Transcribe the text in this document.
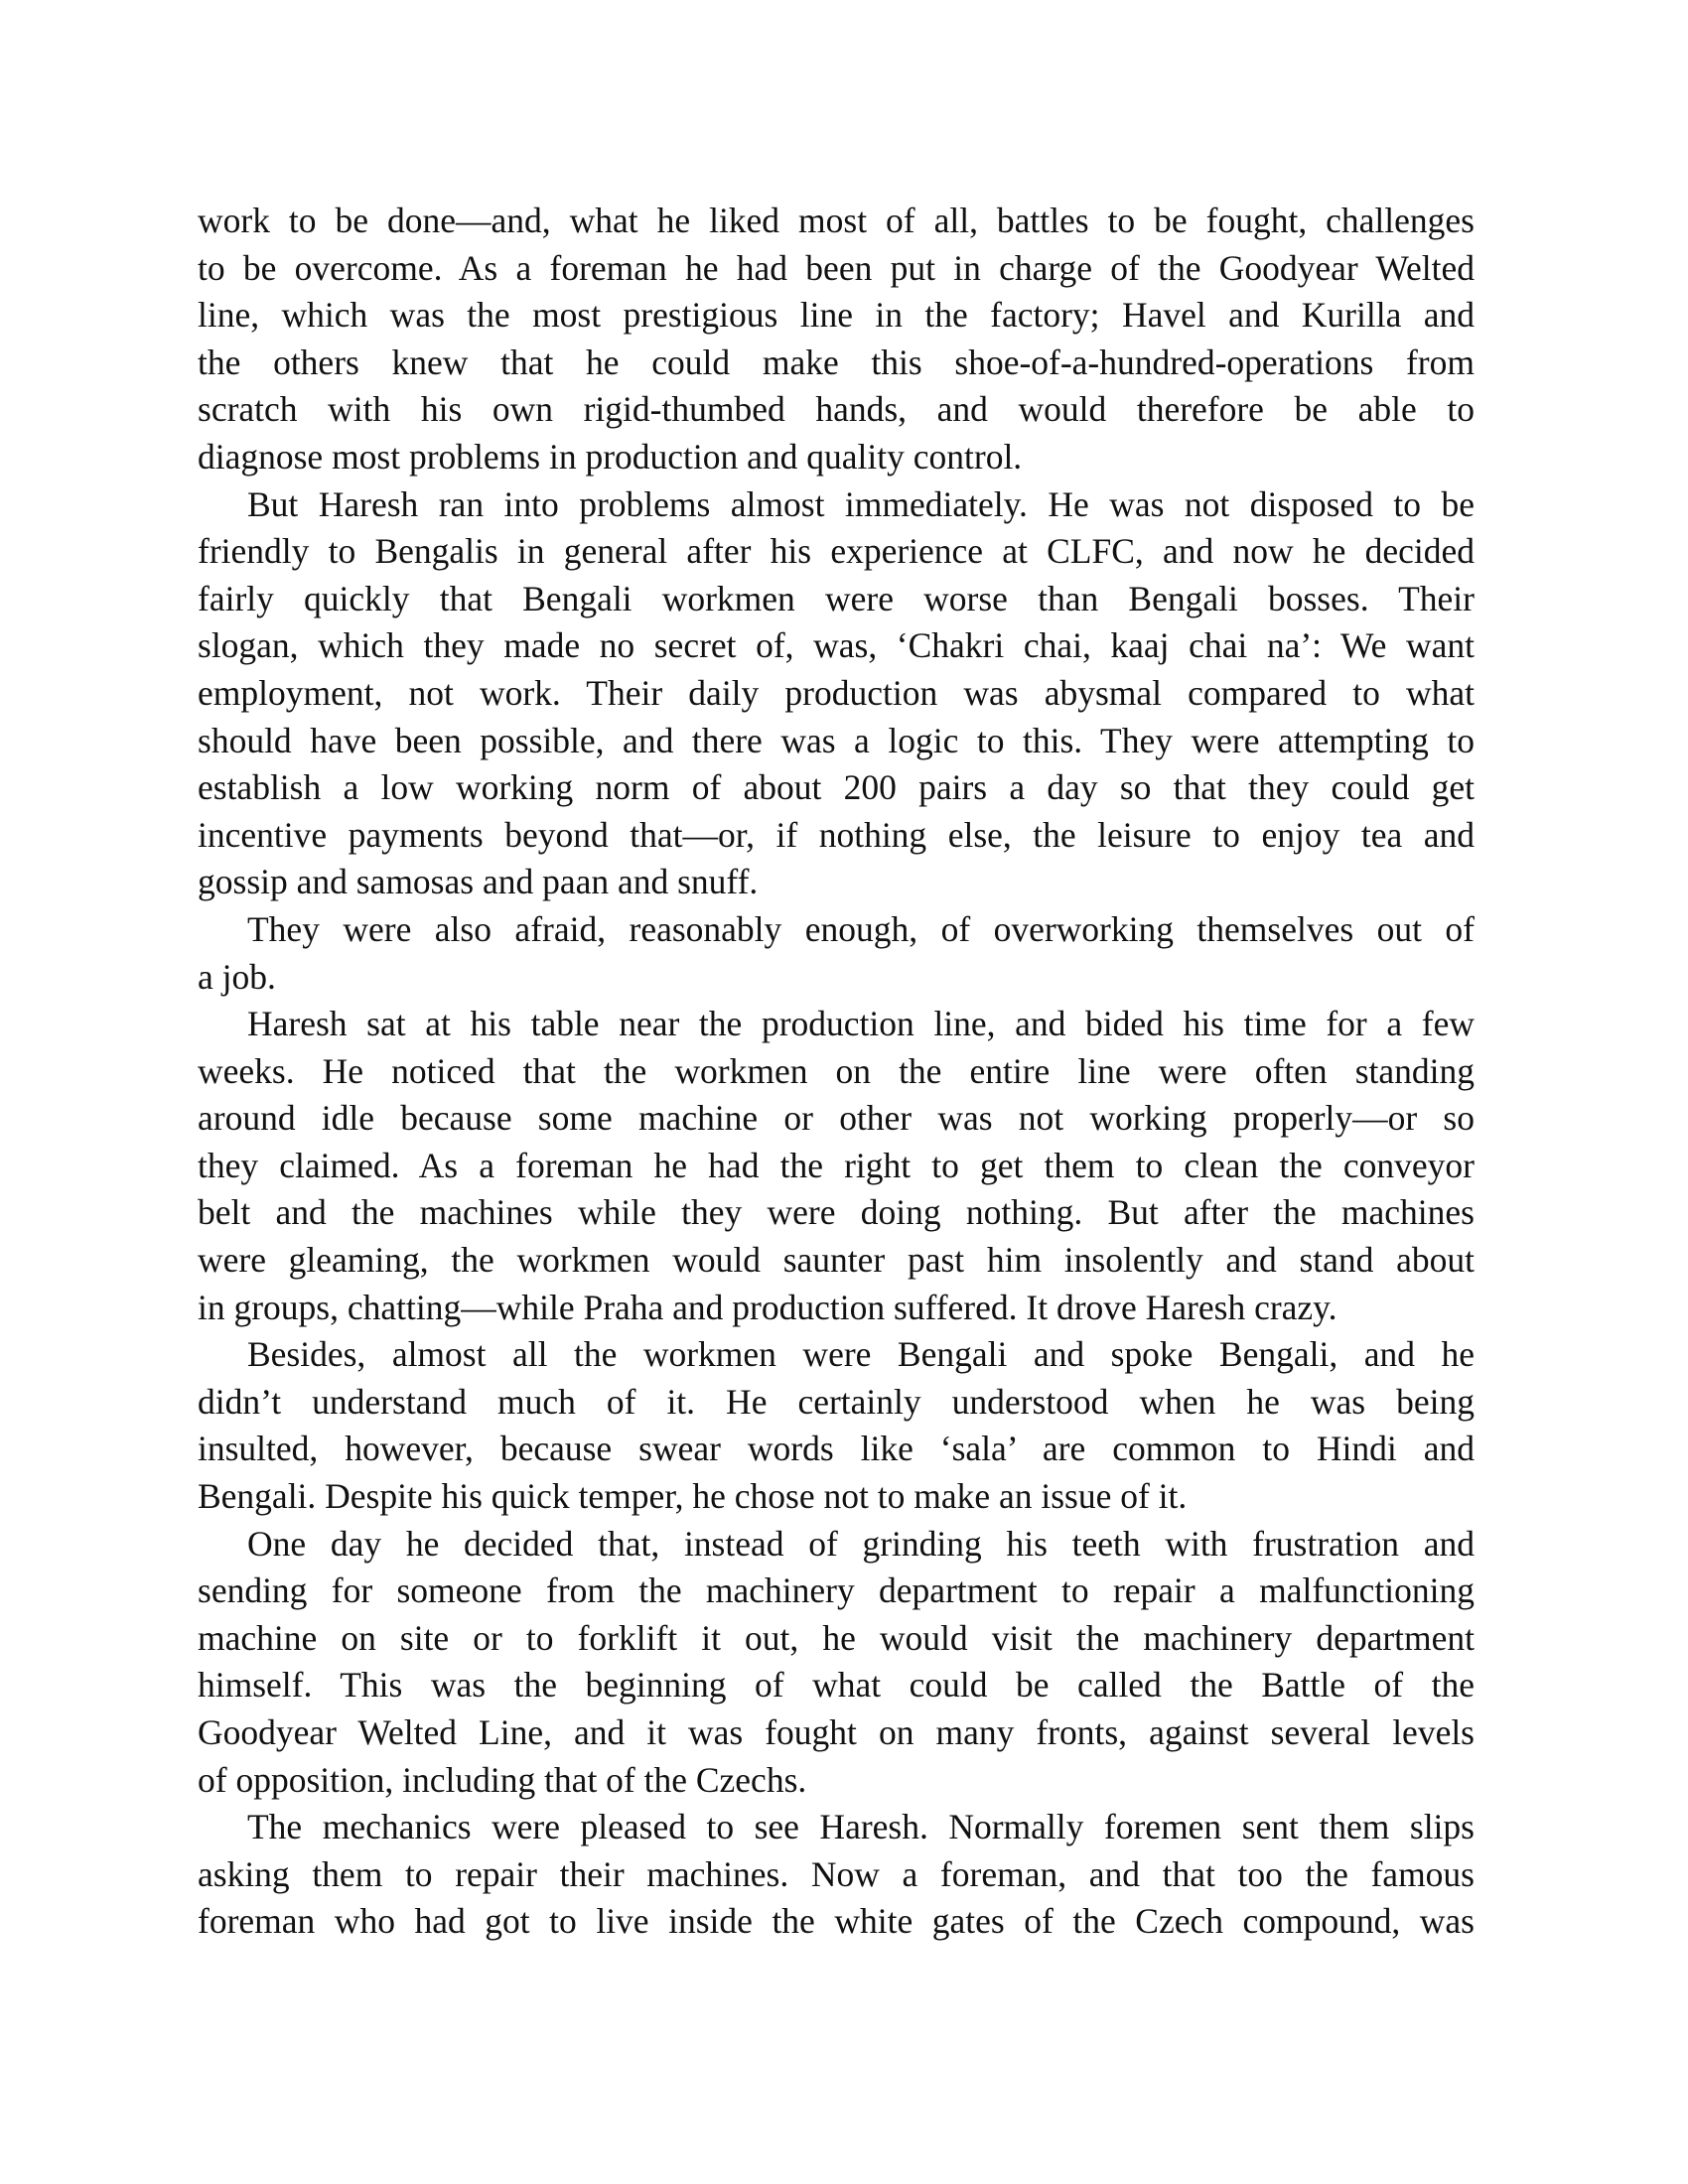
work to be done—and, what he liked most of all, battles to be fought, challenges
to be overcome. As a foreman he had been put in charge of the Goodyear Welted
line, which was the most prestigious line in the factory; Havel and Kurilla and
the others knew that he could make this shoe-of-a-hundred-operations from
scratch with his own rigid-thumbed hands, and would therefore be able to
diagnose most problems in production and quality control.
But Haresh ran into problems almost immediately. He was not disposed to be
friendly to Bengalis in general after his experience at CLFC, and now he decided
fairly quickly that Bengali workmen were worse than Bengali bosses. Their
slogan, which they made no secret of, was, ‘Chakri chai, kaaj chai na’: We want
employment, not work. Their daily production was abysmal compared to what
should have been possible, and there was a logic to this. They were attempting to
establish a low working norm of about 200 pairs a day so that they could get
incentive payments beyond that—or, if nothing else, the leisure to enjoy tea and
gossip and samosas and paan and snuff.
They were also afraid, reasonably enough, of overworking themselves out of
a job.
Haresh sat at his table near the production line, and bided his time for a few
weeks. He noticed that the workmen on the entire line were often standing
around idle because some machine or other was not working properly—or so
they claimed. As a foreman he had the right to get them to clean the conveyor
belt and the machines while they were doing nothing. But after the machines
were gleaming, the workmen would saunter past him insolently and stand about
in groups, chatting—while Praha and production suffered. It drove Haresh crazy.
Besides, almost all the workmen were Bengali and spoke Bengali, and he
didn’t understand much of it. He certainly understood when he was being
insulted, however, because swear words like ‘sala’ are common to Hindi and
Bengali. Despite his quick temper, he chose not to make an issue of it.
One day he decided that, instead of grinding his teeth with frustration and
sending for someone from the machinery department to repair a malfunctioning
machine on site or to forklift it out, he would visit the machinery department
himself. This was the beginning of what could be called the Battle of the
Goodyear Welted Line, and it was fought on many fronts, against several levels
of opposition, including that of the Czechs.
The mechanics were pleased to see Haresh. Normally foremen sent them slips
asking them to repair their machines. Now a foreman, and that too the famous
foreman who had got to live inside the white gates of the Czech compound, was
